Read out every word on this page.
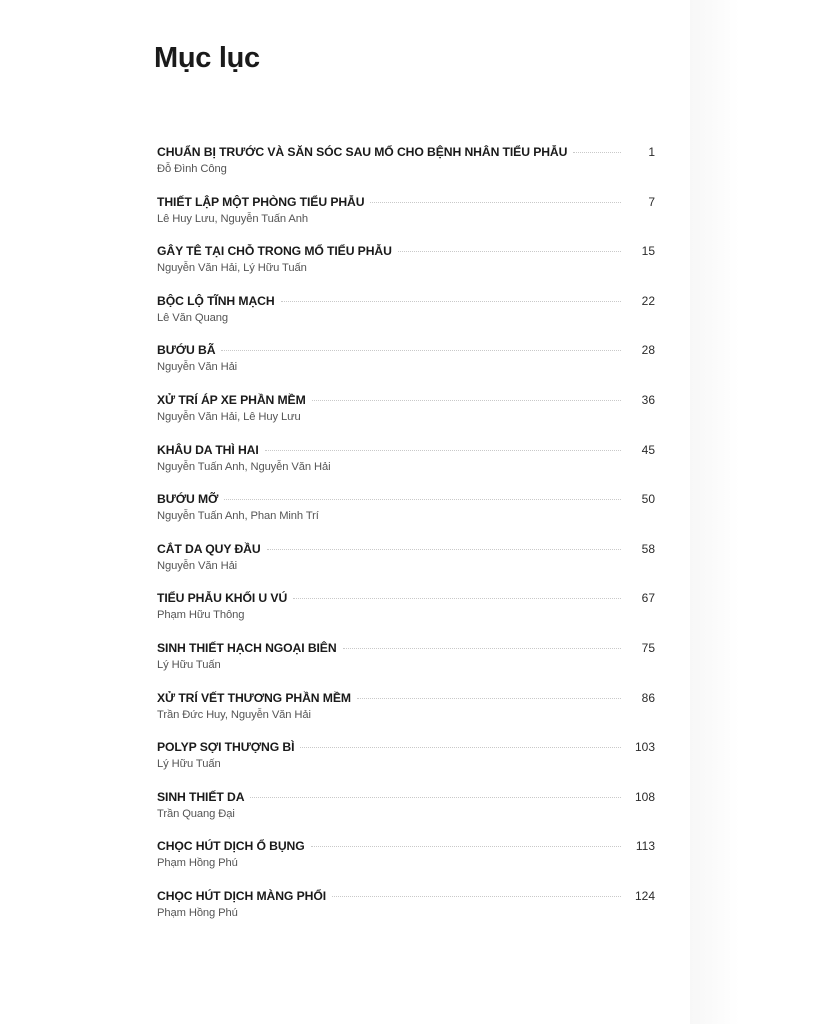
Mục lục
CHUẨN BỊ TRƯỚC VÀ SĂN SÓC SAU MỔ CHO BỆNH NHÂN TIỂU PHẪU	1
Đỗ Đình Công
THIẾT LẬP MỘT PHÒNG TIỂU PHẪU	7
Lê Huy Lưu, Nguyễn Tuấn Anh
GÂY TÊ TẠI CHỖ TRONG MỔ TIỂU PHẪU	15
Nguyễn Văn Hải, Lý Hữu Tuấn
BỘC LỘ TĨNH MẠCH	22
Lê Văn Quang
BƯỚU BÃ	28
Nguyễn Văn Hải
XỬ TRÍ ÁP XE PHẦN MỀM	36
Nguyễn Văn Hải, Lê Huy Lưu
KHÂU DA THÌ HAI	45
Nguyễn Tuấn Anh, Nguyễn Văn Hải
BƯỚU MỠ	50
Nguyễn Tuấn Anh, Phan Minh Trí
CẮT DA QUY ĐẦU	58
Nguyễn Văn Hải
TIỂU PHẪU KHỐI U VÚ	67
Phạm Hữu Thông
SINH THIẾT HẠCH NGOẠI BIÊN	75
Lý Hữu Tuấn
XỬ TRÍ VẾT THƯƠNG PHẦN MỀM	86
Trần Đức Huy, Nguyễn Văn Hải
POLYP SỢI THƯỢNG BÌ	103
Lý Hữu Tuấn
SINH THIẾT DA	108
Trần Quang Đại
CHỌC HÚT DỊCH Ổ BỤNG	113
Phạm Hồng Phú
CHỌC HÚT DỊCH MÀNG PHỔI	124
Phạm Hồng Phú
